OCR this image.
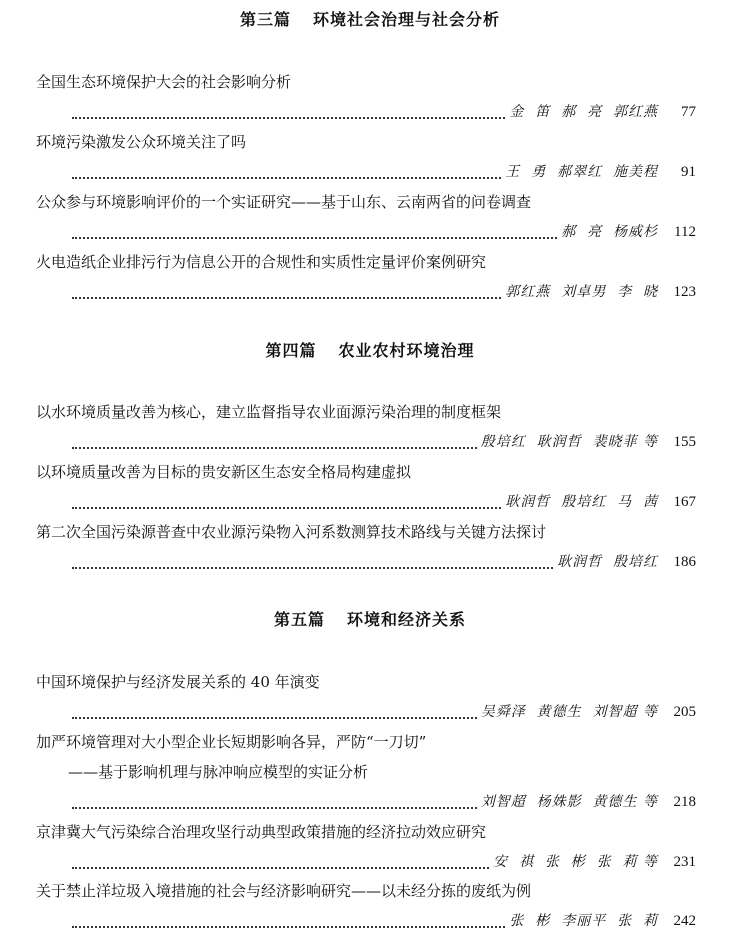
第三篇 环境社会治理与社会分析
全国生态环境保护大会的社会影响分析
金  笛  郝  亮  郭红燕	77
环境污染激发公众环境关注了吗
王  勇  郝翠红  施美程	91
公众参与环境影响评价的一个实证研究——基于山东、云南两省的问卷调查
郝  亮  杨威杉	112
火电造纸企业排污行为信息公开的合规性和实质性定量评价案例研究
郭红燕  刘卓男  李  晓	123
第四篇 农业农村环境治理
以水环境质量改善为核心，建立监督指导农业面源污染治理的制度框架
殷培红  耿润哲  裴晓菲 等	155
以环境质量改善为目标的贵安新区生态安全格局构建虚拟
耿润哲  殷培红  马  茜	167
第二次全国污染源普查中农业源污染物入河系数测算技术路线与关键方法探讨
耿润哲  殷培红	186
第五篇 环境和经济关系
中国环境保护与经济发展关系的 40 年演变
吴舜泽  黄德生  刘智超 等	205
加严环境管理对大小型企业长短期影响各异，严防“一刀切”
——基于影响机理与脉冲响应模型的实证分析
刘智超  杨姝影  黄德生 等	218
京津冀大气污染综合治理攻坚行动典型政策措施的经济拉动效应研究
安  祺  张  彬  张  莉 等	231
关于禁止洋垃圾入境措施的社会与经济影响研究——以未经分拣的废纸为例
张  彬  李丽平  张  莉	242
